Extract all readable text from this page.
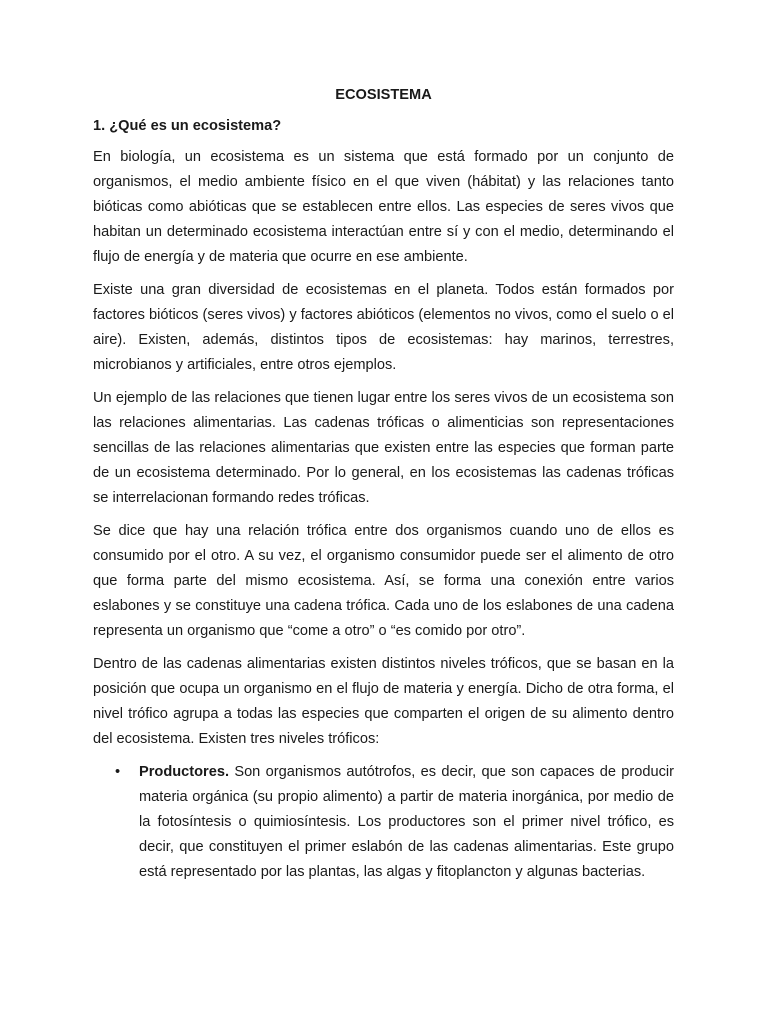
ECOSISTEMA
1. ¿Qué es un ecosistema?

En biología, un ecosistema es un sistema que está formado por un conjunto de organismos, el medio ambiente físico en el que viven (hábitat) y las relaciones tanto bióticas como abióticas que se establecen entre ellos. Las especies de seres vivos que habitan un determinado ecosistema interactúan entre sí y con el medio, determinando el flujo de energía y de materia que ocurre en ese ambiente.

Existe una gran diversidad de ecosistemas en el planeta. Todos están formados por factores bióticos (seres vivos) y factores abióticos (elementos no vivos, como el suelo o el aire). Existen, además, distintos tipos de ecosistemas: hay marinos, terrestres, microbianos y artificiales, entre otros ejemplos.

Un ejemplo de las relaciones que tienen lugar entre los seres vivos de un ecosistema son las relaciones alimentarias. Las cadenas tróficas o alimenticias son representaciones sencillas de las relaciones alimentarias que existen entre las especies que forman parte de un ecosistema determinado. Por lo general, en los ecosistemas las cadenas tróficas se interrelacionan formando redes tróficas.

Se dice que hay una relación trófica entre dos organismos cuando uno de ellos es consumido por el otro. A su vez, el organismo consumidor puede ser el alimento de otro que forma parte del mismo ecosistema. Así, se forma una conexión entre varios eslabones y se constituye una cadena trófica. Cada uno de los eslabones de una cadena representa un organismo que “come a otro” o “es comido por otro”.

Dentro de las cadenas alimentarias existen distintos niveles tróficos, que se basan en la posición que ocupa un organismo en el flujo de materia y energía. Dicho de otra forma, el nivel trófico agrupa a todas las especies que comparten el origen de su alimento dentro del ecosistema. Existen tres niveles tróficos:

• Productores. Son organismos autótrofos, es decir, que son capaces de producir materia orgánica (su propio alimento) a partir de materia inorgánica, por medio de la fotosíntesis o quimiosíntesis. Los productores son el primer nivel trófico, es decir, que constituyen el primer eslabón de las cadenas alimentarias. Este grupo está representado por las plantas, las algas y fitoplancton y algunas bacterias.
